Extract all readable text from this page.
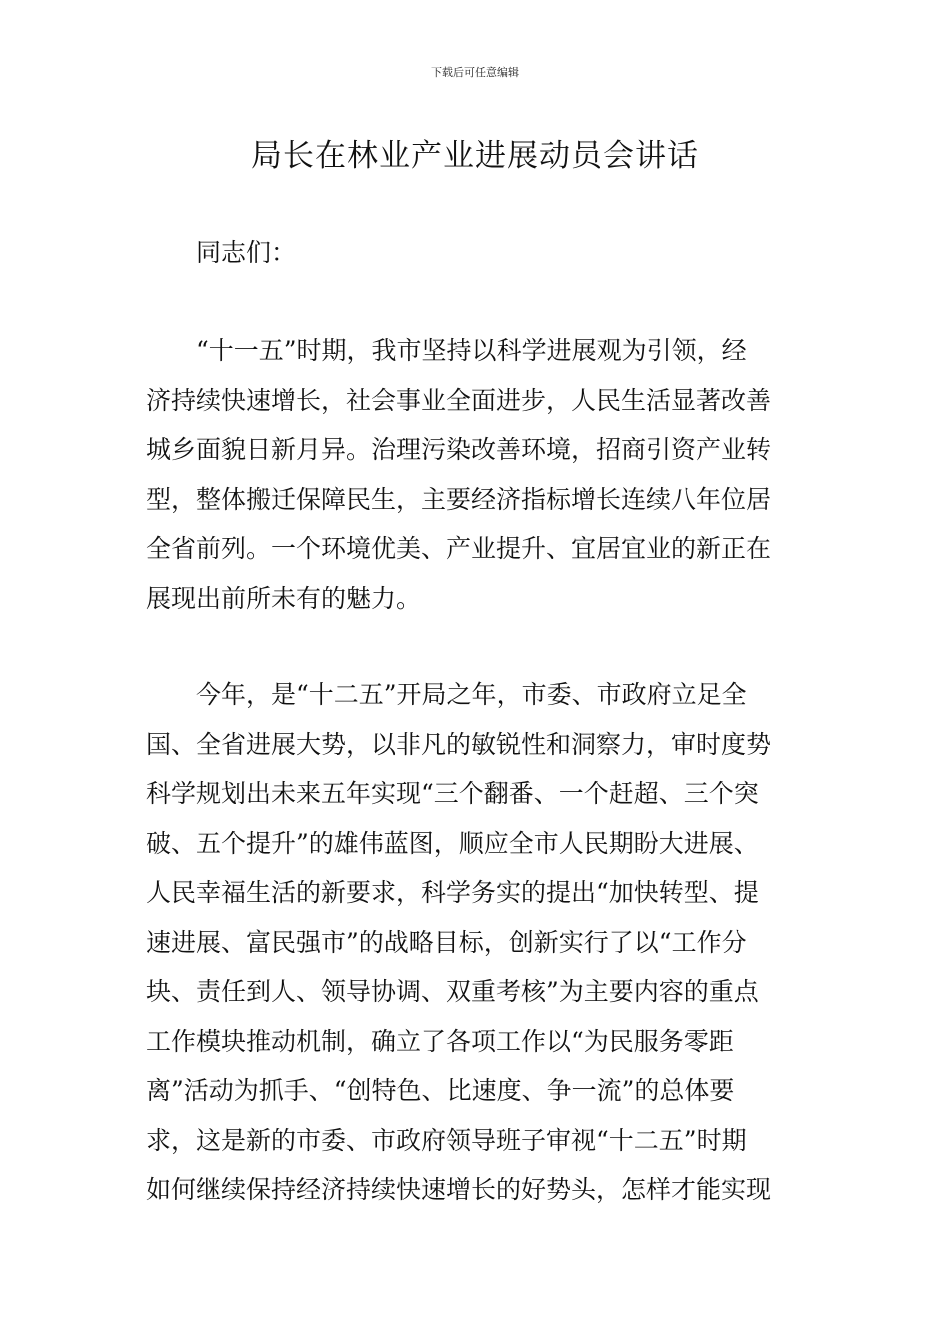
下载后可任意编辑
局长在林业产业进展动员会讲话
同志们：
“十一五”时期，我市坚持以科学进展观为引领，经
济持续快速增长，社会事业全面进步，人民生活显著改善
城乡面貌日新月异。治理污染改善环境，招商引资产业转
型，整体搬迁保障民生，主要经济指标增长连续八年位居
全省前列。一个环境优美、产业提升、宜居宜业的新正在
展现出前所未有的魅力。
今年，是“十二五”开局之年，市委、市政府立足全
国、全省进展大势，以非凡的敏锐性和洞察力，审时度势
科学规划出未来五年实现“三个翻番、一个赶超、三个突
破、五个提升”的雄伟蓝图，顺应全市人民期盼大进展、
人民幸福生活的新要求，科学务实的提出“加快转型、提
速进展、富民强市”的战略目标，创新实行了以“工作分
块、责任到人、领导协调、双重考核”为主要内容的重点
工作模块推动机制，确立了各项工作以“为民服务零距
离”活动为抓手、“创特色、比速度、争一流”的总体要
求，这是新的市委、市政府领导班子审视“十二五”时期
如何继续保持经济持续快速增长的好势头，怎样才能实现
